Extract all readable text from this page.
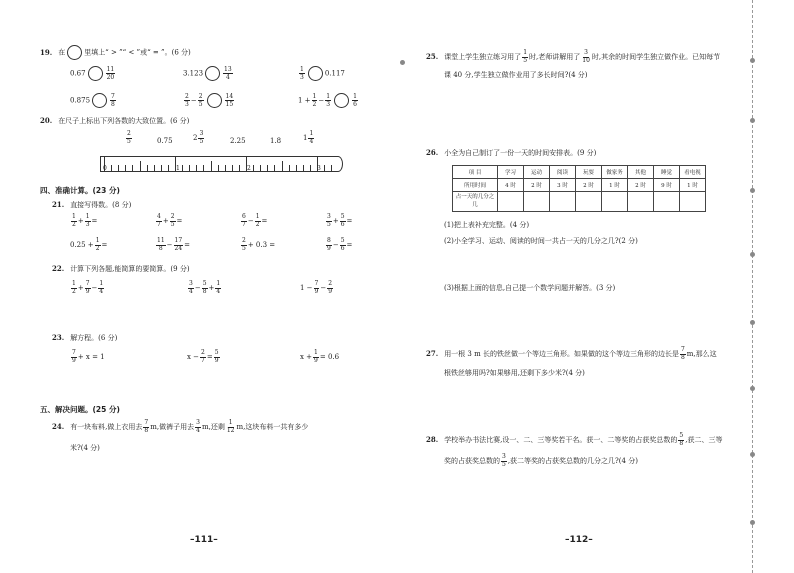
19. 在	里填上“ > ”“ < ”或“ = ”。(6 分)
0.67	$\frac{11}{20}$	3.123	$\frac{13}{4}$	$\frac{1}{3}$	0.117
0.875	$\frac{7}{8}$	$\frac{2}{3} - \frac{2}{5}$	$\frac{14}{15}$	$1 + \frac{1}{2} - \frac{1}{3}$	$\frac{1}{6}$
20. 在尺子上标出下列各数的大致位置。(6 分)
$\frac{2}{5}$	0.75	$2 \frac{3}{5}$	2.25	1.8	$1 \frac{1}{4}$
0	1	2	3
四、准确计算。(23 分)
21. 直接写得数。(8 分)
$\frac{1}{2} + \frac{1}{3}$ =	$\frac{4}{7} + \frac{2}{5}$ =	$\frac{6}{7} - \frac{1}{2}$ =	$\frac{3}{5} + \frac{5}{6}$ =
$0.25 + \frac{1}{2}$ =	$\frac{11}{8} - \frac{17}{24}$ =	$\frac{2}{5} + 0.3$ =	$\frac{8}{9} - \frac{5}{6}$ =
22. 计算下列各题,能简算的要简算。(9 分)
$\frac{1}{2} + \frac{7}{9} - \frac{1}{4}$	$\frac{3}{4} - \frac{5}{8} + \frac{1}{4}$	$1 - \frac{7}{9} - \frac{2}{9}$
23. 解方程。(6 分)
$\frac{7}{9} + x = 1$	$x - \frac{2}{7} = \frac{5}{9}$	$x + \frac{1}{9} = 0.6$
五、解决问题。(25 分)
24. 有一块布料,做上衣用去 $\frac{7}{8} m$,做裤子用去 $\frac{3}{4} m$,还剩 $\frac{1}{12} m$,这块布料一共有多少
米?(4 分)
–111–
25. 课堂上学生独立练习用了 $\frac{1}{5}$ 时,老师讲解用了 $\frac{3}{10}$ 时,其余的时间学生独立做作业。已知每节
课 40 分,学生独立做作业用了多长时间?(4 分)
26. 小全为自己制订了一份一天的时间安排表。(9 分)
(1)把上表补充完整。(4 分)
(2)小全学习、运动、阅读的时间一共占一天的几分之几?(2 分)
(3)根据上面的信息,自己提一个数学问题并解答。(3 分)
27. 用一根 3 m 长的铁丝做一个等边三角形。如果做的这个等边三角形的边长是 $\frac{7}{8} m$,那么这
根铁丝够用吗?如果够用,还剩下多少米?(4 分)
28. 学校举办书法比赛,设一、二、三等奖若干名。获一、二等奖的占获奖总数的 $\frac{5}{8}$ ,获二、三等
奖的占获奖总数的 $\frac{3}{5}$ ,获二等奖的占获奖总数的几分之几?(4 分)
–112–
项 目	学习	运动	阅读	玩耍	做家务	其他	睡觉	看电视
所用时间	4 时	2 时	3 时	2 时	1 时	2 时	9 时	1 时
占一天的几分之几								
